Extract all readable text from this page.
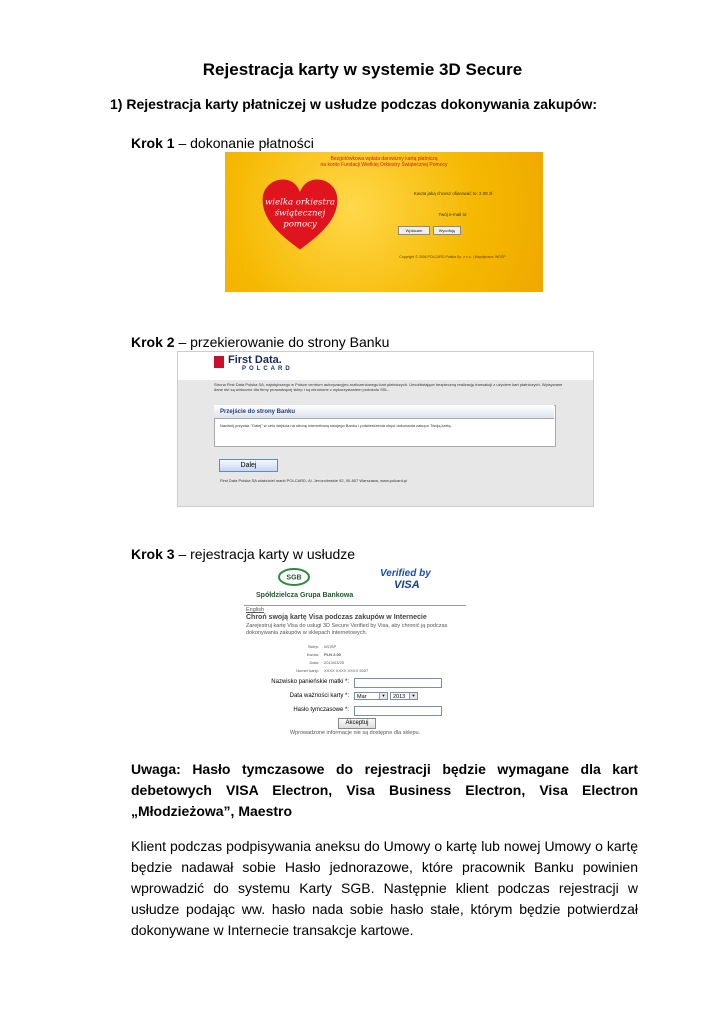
Rejestracja karty w systemie 3D Secure
1) Rejestracja karty płatniczej w usłudze podczas dokonywania zakupów:
Krok 1 – dokonanie płatności
Bezgotówkowa wpłata darowizny kartą płatniczą
na konto Fundacji Wielkiej Orkiestry Świątecznej Pomocy
wielka orkiestra
świątecznej
pomocy
Kwota jaką chcesz ofiarować to: 2.00 zł
Twój e-mail to:
Wpłacam	Wycofuję
Copyright © 2006 POLCARD Polska Sp. z o.o. | Współpraca: WOŚP
Krok 2 – przekierowanie do strony Banku
First Data.
POLCARD
Strona First Data Polska SA, największego w Polsce centrum autoryzacyjno-rozliczeniowego kart płatniczych. Umożliwiające bezpieczną realizację transakcji z użyciem kart płatniczych. Wpisywane dane nie są widoczne dla firmy prowadzącej sklep i są chronione z wykorzystaniem protokołu SSL.
Przejście do strony Banku
Naciśnij przycisk "Dalej" w celu wejścia na stronę internetową swojego Banku i potwierdzenia chęci dokonania zakupu Twoją kartą.
Dalej
First Data Polska SA właściciel marki POLCARD, Al. Jerozolimskie 92, 00-807 Warszawa, www.polcard.pl
Krok 3 – rejestracja karty w usłudze
SGB
Spółdzielcza Grupa Bankowa
Verified by
VISA
English
Chroń swoją kartę Visa podczas zakupów w Internecie
Zarejestruj kartę Visa do usługi 3D Secure Verified by Visa, aby chronić ją podczas dokonywania zakupów w sklepach internetowych.
Sklep: WOŚP
Kwota: PLN 2.00
Data: 2013/03/25
Numer karty: XXXX XXXX XXXX 5007
Nazwisko panieńskie matki *:
Data ważności karty *:	Mar	▼	2013	▼
Hasło tymczasowe *:
Akceptuj
Wprowadzone informacje nie są dostępne dla sklepu.
Uwaga: Hasło tymczasowe do rejestracji będzie wymagane dla kart debetowych VISA Electron, Visa Business Electron, Visa Electron „Młodzieżowa”, Maestro
Klient podczas podpisywania aneksu do Umowy o kartę lub nowej Umowy o kartę będzie nadawał sobie Hasło jednorazowe, które pracownik Banku powinien wprowadzić do systemu Karty SGB. Następnie klient podczas rejestracji w usłudze podając ww. hasło nada sobie hasło stałe, którym będzie potwierdzał dokonywane w Internecie transakcje kartowe.
